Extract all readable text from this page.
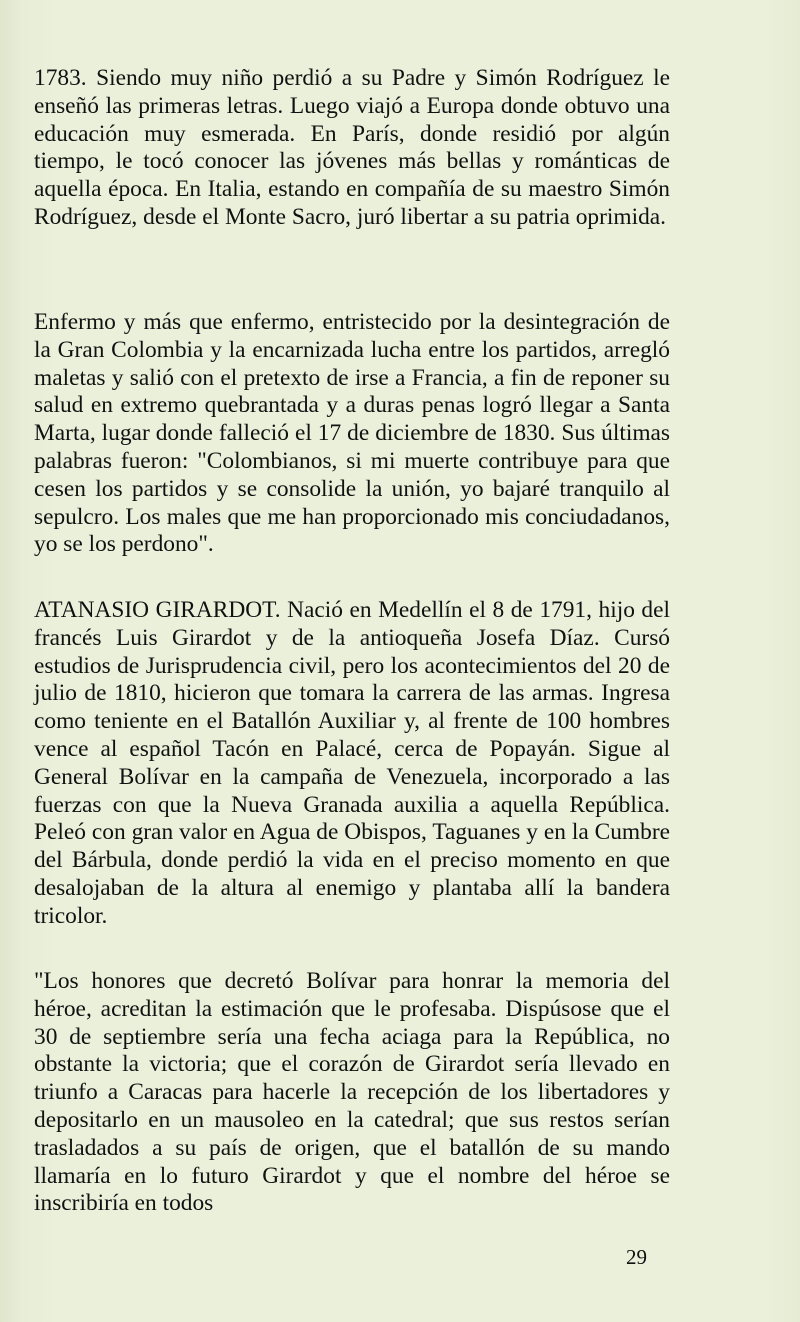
1783. Siendo muy niño perdió a su Padre y Simón Rodríguez le enseñó las primeras letras. Luego viajó a Europa donde obtuvo una educación muy esmerada. En París, donde residió por algún tiempo, le tocó conocer las jóvenes más bellas y románticas de aquella época. En Italia, estando en compañía de su maestro Simón Rodríguez, desde el Monte Sacro, juró libertar a su patria oprimida.

Enfermo y más que enfermo, entristecido por la desintegración de la Gran Colombia y la encarnizada lucha entre los partidos, arregló maletas y salió con el pretexto de irse a Francia, a fin de reponer su salud en extremo quebrantada y a duras penas logró llegar a Santa Marta, lugar donde falleció el 17 de diciembre de 1830. Sus últimas palabras fueron: "Colombianos, si mi muerte contribuye para que cesen los partidos y se consolide la unión, yo bajaré tranquilo al sepulcro. Los males que me han proporcionado mis conciudadanos, yo se los perdono".

ATANASIO GIRARDOT. Nació en Medellín el 8 de 1791, hijo del francés Luis Girardot y de la antioqueña Josefa Díaz. Cursó estudios de Jurisprudencia civil, pero los acontecimientos del 20 de julio de 1810, hicieron que tomara la carrera de las armas. Ingresa como teniente en el Batallón Auxiliar y, al frente de 100 hombres vence al español Tacón en Palacé, cerca de Popayán. Sigue al General Bolívar en la campaña de Venezuela, incorporado a las fuerzas con que la Nueva Granada auxilia a aquella República. Peleó con gran valor en Agua de Obispos, Taguanes y en la Cumbre del Bárbula, donde perdió la vida en el preciso momento en que desalojaban de la altura al enemigo y plantaba allí la bandera tricolor.

"Los honores que decretó Bolívar para honrar la memoria del héroe, acreditan la estimación que le profesaba. Dispúsose que el 30 de septiembre sería una fecha aciaga para la República, no obstante la victoria; que el corazón de Girardot sería llevado en triunfo a Caracas para hacerle la recepción de los libertadores y depositarlo en un mausoleo en la catedral; que sus restos serían trasladados a su país de origen, que el batallón de su mando llamaría en lo futuro Girardot y que el nombre del héroe se inscribiría en todos

29
